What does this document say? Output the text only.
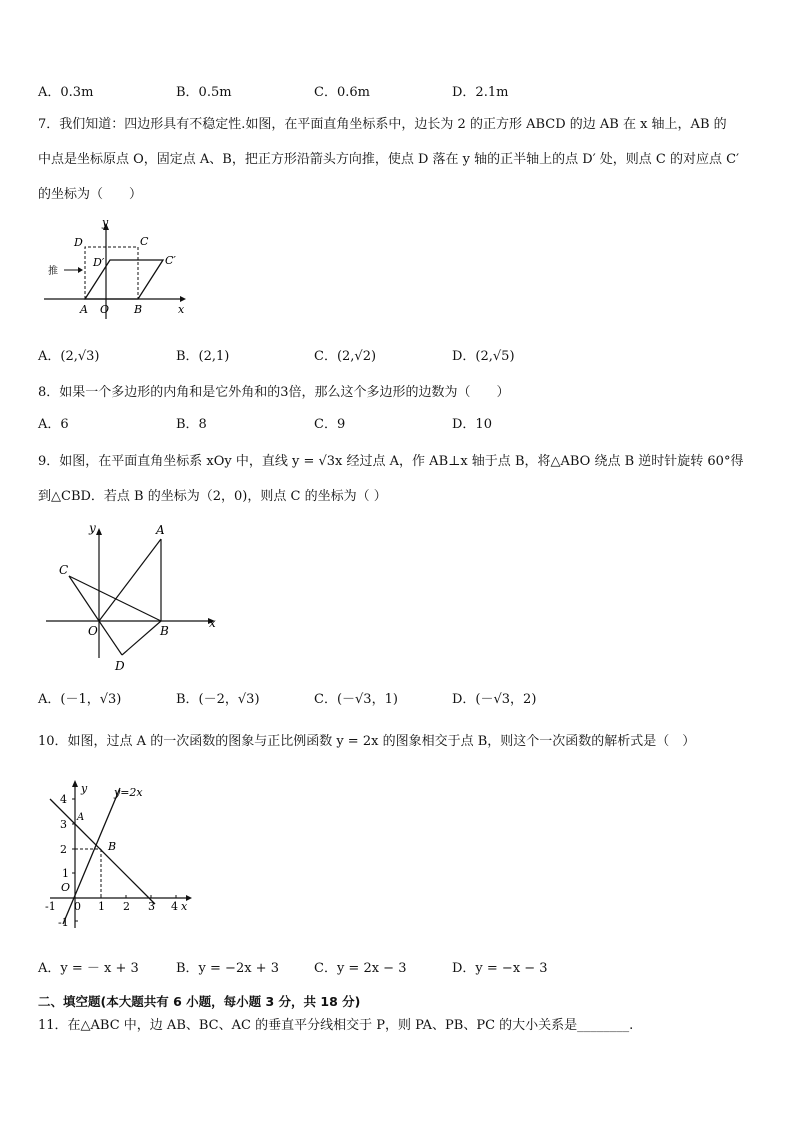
A．0.3m	B．0.5m	C．0.6m	D．2.1m
7．我们知道：四边形具有不稳定性.如图，在平面直角坐标系中，边长为 2 的正方形 ABCD 的边 AB 在 x 轴上，AB 的
中点是坐标原点 O，固定点 A、B，把正方形沿箭头方向推，使点 D 落在 y 轴的正半轴上的点 D′ 处，则点 C 的对应点 C′
的坐标为（　　）
D	C
D′	C′
推
A O B	x
y
A．(2,√3)	B．(2,1)	C．(2,√2)	D．(2,√5)
8．如果一个多边形的内角和是它外角和的3倍，那么这个多边形的边数为（　　）
A．6	B．8	C．9	D．10
9．如图，在平面直角坐标系 xOy 中，直线 y = √3x 经过点 A，作 AB⊥x 轴于点 B，将△ABO 绕点 B 逆时针旋转 60°得
到△CBD．若点 B 的坐标为（2，0)，则点 C 的坐标为（ ）
y	A
C
O	B
x
D
A．(－1，√3)	B．(－2，√3)	C．(－√3，1)	D．(－√3，2)
10．如图，过点 A 的一次函数的图象与正比例函数 y = 2x 的图象相交于点 B，则这个一次函数的解析式是（　）
y y=2x
4
3
A
2	B
1
O
-1 0 1 2 3 4 x
-1
A．y = － x + 3	B．y = −2x + 3	C．y = 2x − 3	D．y = −x − 3
二、填空题(本大题共有 6 小题，每小题 3 分，共 18 分)
11．在△ABC 中，边 AB、BC、AC 的垂直平分线相交于 P，则 PA、PB、PC 的大小关系是________.
